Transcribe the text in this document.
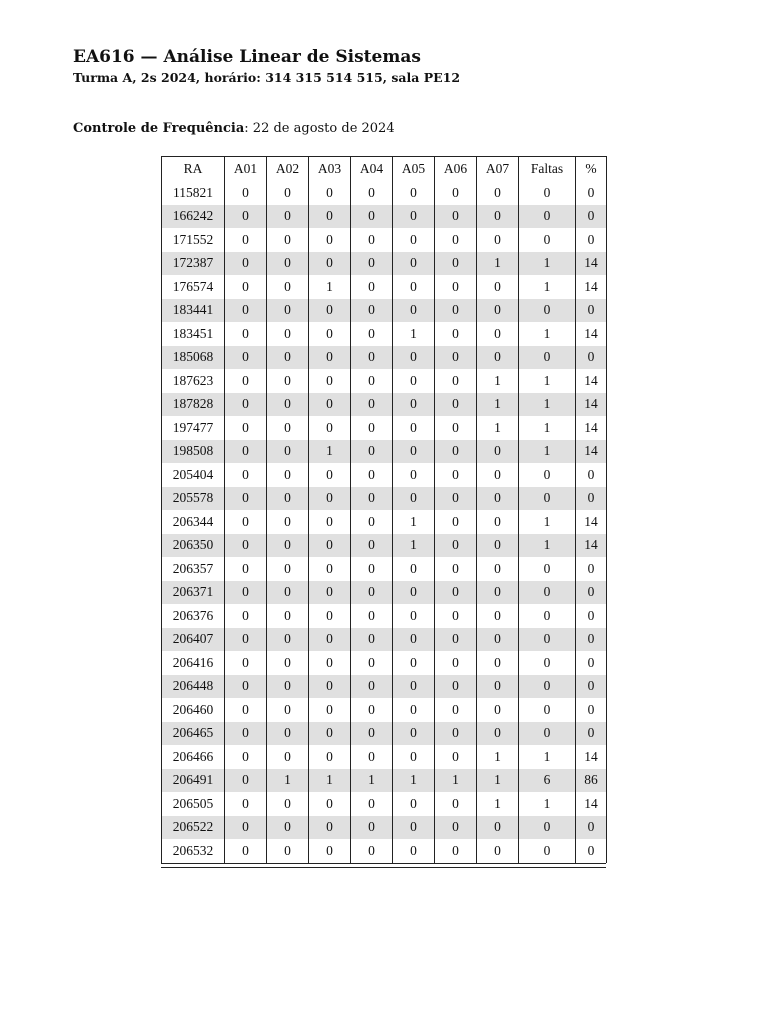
EA616 — Análise Linear de Sistemas
Turma A, 2s 2024, horário: 314 315 514 515, sala PE12
Controle de Frequência: 22 de agosto de 2024
RA	A01	A02	A03	A04	A05	A06	A07	Faltas	%
115821	0	0	0	0	0	0	0	0	0
166242	0	0	0	0	0	0	0	0	0
171552	0	0	0	0	0	0	0	0	0
172387	0	0	0	0	0	0	1	1	14
176574	0	0	1	0	0	0	0	1	14
183441	0	0	0	0	0	0	0	0	0
183451	0	0	0	0	1	0	0	1	14
185068	0	0	0	0	0	0	0	0	0
187623	0	0	0	0	0	0	1	1	14
187828	0	0	0	0	0	0	1	1	14
197477	0	0	0	0	0	0	1	1	14
198508	0	0	1	0	0	0	0	1	14
205404	0	0	0	0	0	0	0	0	0
205578	0	0	0	0	0	0	0	0	0
206344	0	0	0	0	1	0	0	1	14
206350	0	0	0	0	1	0	0	1	14
206357	0	0	0	0	0	0	0	0	0
206371	0	0	0	0	0	0	0	0	0
206376	0	0	0	0	0	0	0	0	0
206407	0	0	0	0	0	0	0	0	0
206416	0	0	0	0	0	0	0	0	0
206448	0	0	0	0	0	0	0	0	0
206460	0	0	0	0	0	0	0	0	0
206465	0	0	0	0	0	0	0	0	0
206466	0	0	0	0	0	0	1	1	14
206491	0	1	1	1	1	1	1	6	86
206505	0	0	0	0	0	0	1	1	14
206522	0	0	0	0	0	0	0	0	0
206532	0	0	0	0	0	0	0	0	0
